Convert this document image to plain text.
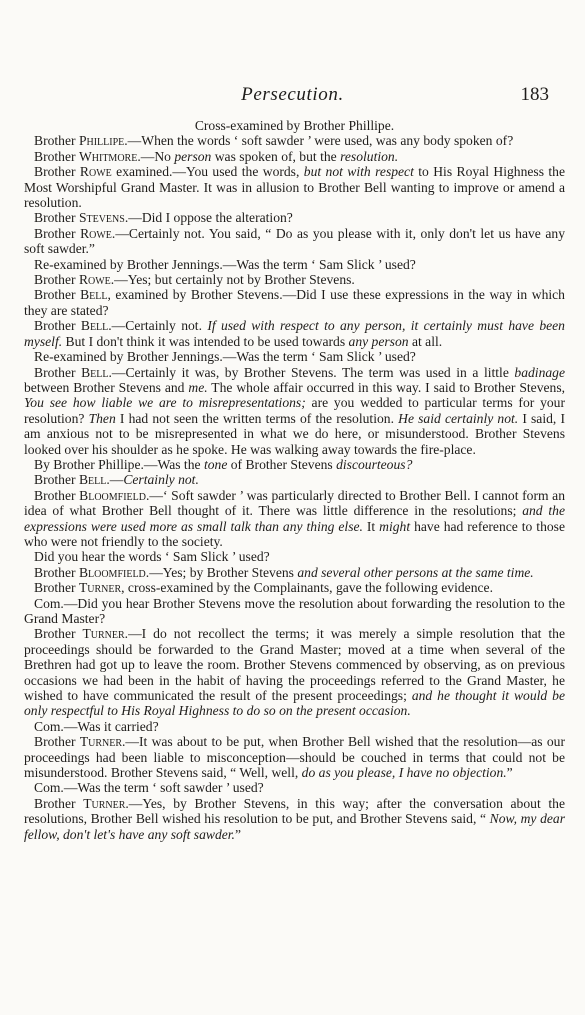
Persecution.	183

Cross-examined by Brother Phillipe.

Brother Phillipe.—When the words ‘ soft sawder ’ were used, was any body spoken of?

Brother Whitmore.—No person was spoken of, but the resolution.

Brother Rowe examined.—You used the words, but not with respect to His Royal Highness the Most Worshipful Grand Master. It was in allusion to Brother Bell wanting to improve or amend a resolution.

Brother Stevens.—Did I oppose the alteration?

Brother Rowe.—Certainly not. You said, “ Do as you please with it, only don't let us have any soft sawder.”

Re-examined by Brother Jennings.—Was the term ‘ Sam Slick ’ used?

Brother Rowe.—Yes; but certainly not by Brother Stevens.

Brother Bell, examined by Brother Stevens.—Did I use these expressions in the way in which they are stated?

Brother Bell.—Certainly not. If used with respect to any person, it certainly must have been myself. But I don't think it was intended to be used towards any person at all.

Re-examined by Brother Jennings.—Was the term ‘ Sam Slick ’ used?

Brother Bell.—Certainly it was, by Brother Stevens. The term was used in a little badinage between Brother Stevens and me. The whole affair occurred in this way. I said to Brother Stevens, You see how liable we are to misrepresentations; are you wedded to particular terms for your resolution? Then I had not seen the written terms of the resolution. He said certainly not. I said, I am anxious not to be misrepresented in what we do here, or misunderstood. Brother Stevens looked over his shoulder as he spoke. He was walking away towards the fire-place.

By Brother Phillipe.—Was the tone of Brother Stevens discourteous?

Brother Bell.—Certainly not.

Brother Bloomfield.—‘ Soft sawder ’ was particularly directed to Brother Bell. I cannot form an idea of what Brother Bell thought of it. There was little difference in the resolutions; and the expressions were used more as small talk than any thing else. It might have had reference to those who were not friendly to the society.

Did you hear the words ‘ Sam Slick ’ used?

Brother Bloomfield.—Yes; by Brother Stevens and several other persons at the same time.

Brother Turner, cross-examined by the Complainants, gave the following evidence.

Com.—Did you hear Brother Stevens move the resolution about forwarding the resolution to the Grand Master?

Brother Turner.—I do not recollect the terms; it was merely a simple resolution that the proceedings should be forwarded to the Grand Master; moved at a time when several of the Brethren had got up to leave the room. Brother Stevens commenced by observing, as on previous occasions we had been in the habit of having the proceedings referred to the Grand Master, he wished to have communicated the result of the present proceedings; and he thought it would be only respectful to His Royal Highness to do so on the present occasion.

Com.—Was it carried?

Brother Turner.—It was about to be put, when Brother Bell wished that the resolution—as our proceedings had been liable to misconception—should be couched in terms that could not be misunderstood. Brother Stevens said, “ Well, well, do as you please, I have no objection.”

Com.—Was the term ‘ soft sawder ’ used?

Brother Turner.—Yes, by Brother Stevens, in this way; after the conversation about the resolutions, Brother Bell wished his resolution to be put, and Brother Stevens said, “ Now, my dear fellow, don't let's have any soft sawder.”
